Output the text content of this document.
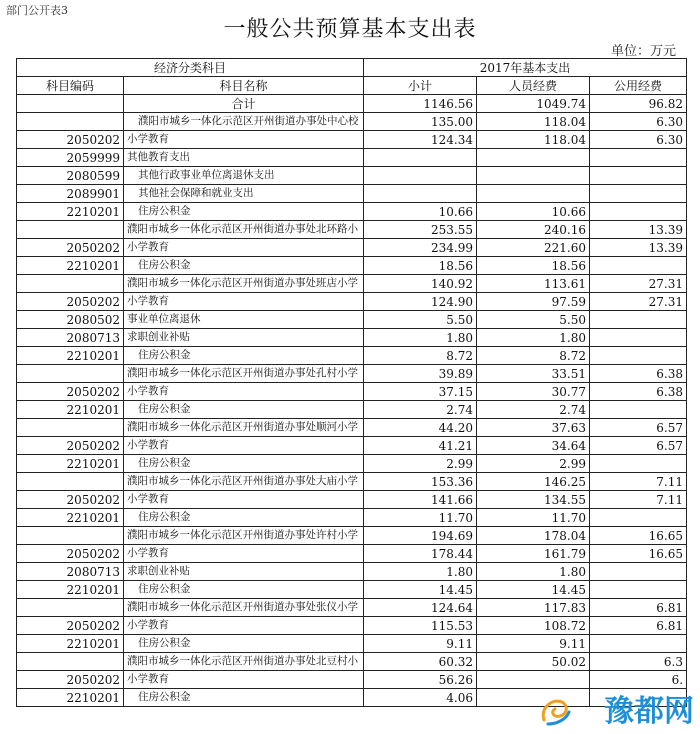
部门公开表3
一般公共预算基本支出表
单位：万元
经济分类科目		2017年基本支出		
科目编码	科目名称	小计	人员经费	公用经费
	合计	1146.56	1049.74	96.82
	濮阳市城乡一体化示范区开州街道办事处中心校	135.00	118.04	6.30
2050202	小学教育	124.34	118.04	6.30
2059999	其他教育支出			
2080599	其他行政事业单位离退休支出			
2089901	其他社会保障和就业支出			
2210201	住房公积金	10.66	10.66	
	濮阳市城乡一体化示范区开州街道办事处北环路小	253.55	240.16	13.39
2050202	小学教育	234.99	221.60	13.39
2210201	住房公积金	18.56	18.56	
	濮阳市城乡一体化示范区开州街道办事处班店小学	140.92	113.61	27.31
2050202	小学教育	124.90	97.59	27.31
2080502	事业单位离退休	5.50	5.50	
2080713	求职创业补贴	1.80	1.80	
2210201	住房公积金	8.72	8.72	
	濮阳市城乡一体化示范区开州街道办事处孔村小学	39.89	33.51	6.38
2050202	小学教育	37.15	30.77	6.38
2210201	住房公积金	2.74	2.74	
	濮阳市城乡一体化示范区开州街道办事处顺河小学	44.20	37.63	6.57
2050202	小学教育	41.21	34.64	6.57
2210201	住房公积金	2.99	2.99	
	濮阳市城乡一体化示范区开州街道办事处大庙小学	153.36	146.25	7.11
2050202	小学教育	141.66	134.55	7.11
2210201	住房公积金	11.70	11.70	
	濮阳市城乡一体化示范区开州街道办事处许村小学	194.69	178.04	16.65
2050202	小学教育	178.44	161.79	16.65
2080713	求职创业补贴	1.80	1.80	
2210201	住房公积金	14.45	14.45	
	濮阳市城乡一体化示范区开州街道办事处张仪小学	124.64	117.83	6.81
2050202	小学教育	115.53	108.72	6.81
2210201	住房公积金	9.11	9.11	
	濮阳市城乡一体化示范区开州街道办事处北豆村小	60.32	50.02	6.3
2050202	小学教育	56.26		6.
2210201	住房公积金	4.06			豫都网
